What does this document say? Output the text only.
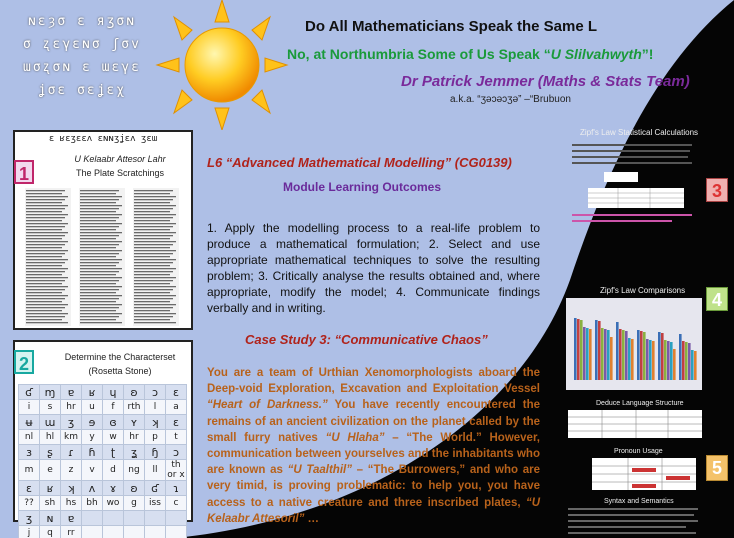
ɴɛȝσ ɛ яʒσɴ
σ ʐɛγɛɴσ ʃσv
ɯσʐσɴ ɛ ɯɛγɛ
ʝσɛ σɛʝɛχ
Do All Mathematicians Speak the Same L
No, at Northumbria Some of Us Speak “U Slilvahwyth”!
Dr Patrick Jemmer (Maths & Stats Team)
a.k.a. “ʒǝɔəɔʒǝ” –“Brubuon
ɛ ʁɛʒɛɛʌ ɛɴɴʒʝɛʌ ʒɛɯ
U Kelaabr Attesor Lahr
The Plate Scratchings
1
Determine the Characterset
(Rosetta Stone)
ʛ	ɱ	ɐ	ʁ	ɥ	ʚ	ɔ	ɛ
i	s	hr	u	f	rth	l	a
ʉ	ɯ	ʒ	ɘ	ɞ	ʏ	ʞ	ɛ
nl	hl	km	y	w	hr	p	t
ɜ	ʂ	ɾ	ɦ	ʈ	ʓ	ɧ	ɔ
m	e	z	v	d	ng	ll	th or x
ɛ	ʁ	ʞ	ʌ	ɤ	ʚ	ʛ	ɿ
??	sh	hs	bh	wo	g	iss	c
ʒ	ɴ	ɐ					
j	q	rr					
2
L6 “Advanced Mathematical Modelling” (CG0139)
Module Learning Outcomes
1. Apply the modelling process to a real-life problem to produce a mathematical formulation; 2. Select and use appropriate mathematical techniques to solve the resulting problem; 3. Critically analyse the results obtained and, where appropriate, modify the model; 4. Communicate findings verbally and in writing.
Case Study 3: “Communicative Chaos”
You are a team of Urthian Xenomorphologists aboard the Deep-void Exploration, Excavation and Exploitation Vessel “Heart of Darkness.” You have recently encountered the remains of an ancient civilization on the planet called by the small furry natives “U Hlaha” – “The World.” However, communication between yourselves and the inhabitants who are known as “U Taalthil” – “The Burrowers,” and who are very timid, is proving problematic: to help you, you have access to a native creature and three inscribed plates, “U Kelaabr Attesoril” …
Zipf's Law Statistical Calculations
Zipf's Law Comparisons
Deduce Language Structure
Pronoun Usage
Syntax and Semantics
3
4
5
